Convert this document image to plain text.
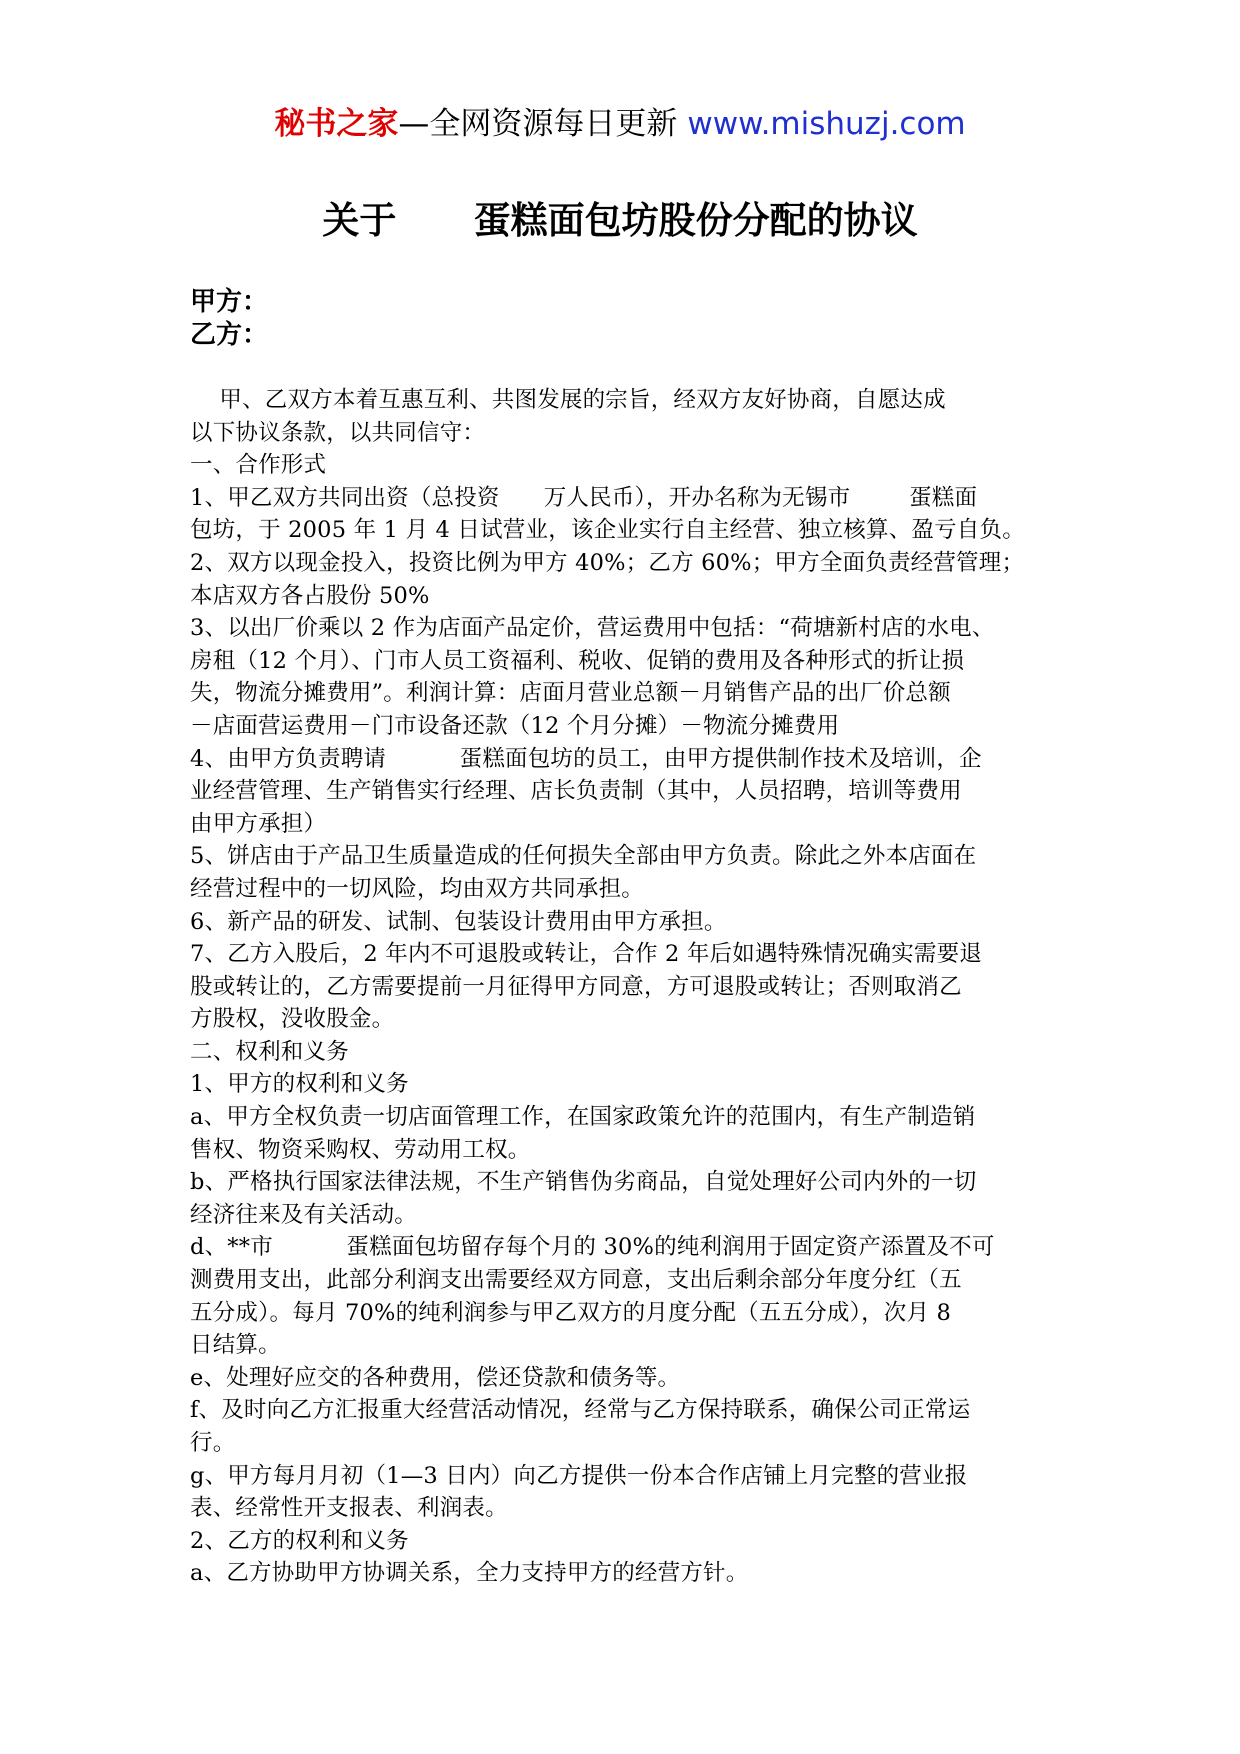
秘书之家—全网资源每日更新 www.mishuzj.com
关于      蛋糕面包坊股份分配的协议
甲方：
乙方：
甲、乙双方本着互惠互利、共图发展的宗旨，经双方友好协商，自愿达成
以下协议条款，以共同信守：
一、合作形式
1、甲乙双方共同出资（总投资      万人民币），开办名称为无锡市        蛋糕面
包坊，于 2005 年 1 月 4 日试营业，该企业实行自主经营、独立核算、盈亏自负。
2、双方以现金投入，投资比例为甲方 40%；乙方 60%；甲方全面负责经营管理；
本店双方各占股份 50%
3、以出厂价乘以 2 作为店面产品定价，营运费用中包括：“荷塘新村店的水电、
房租（12 个月）、门市人员工资福利、税收、促销的费用及各种形式的折让损
失，物流分摊费用”。利润计算：店面月营业总额－月销售产品的出厂价总额
－店面营运费用－门市设备还款（12 个月分摊）－物流分摊费用
4、由甲方负责聘请          蛋糕面包坊的员工，由甲方提供制作技术及培训，企
业经营管理、生产销售实行经理、店长负责制（其中，人员招聘，培训等费用
由甲方承担）
5、饼店由于产品卫生质量造成的任何损失全部由甲方负责。除此之外本店面在
经营过程中的一切风险，均由双方共同承担。
6、新产品的研发、试制、包装设计费用由甲方承担。
7、乙方入股后，2 年内不可退股或转让，合作 2 年后如遇特殊情况确实需要退
股或转让的，乙方需要提前一月征得甲方同意，方可退股或转让；否则取消乙
方股权，没收股金。
二、权利和义务
1、甲方的权利和义务
a、甲方全权负责一切店面管理工作，在国家政策允许的范围内，有生产制造销
售权、物资采购权、劳动用工权。
b、严格执行国家法律法规，不生产销售伪劣商品，自觉处理好公司内外的一切
经济往来及有关活动。
d、**市          蛋糕面包坊留存每个月的 30%的纯利润用于固定资产添置及不可
测费用支出，此部分利润支出需要经双方同意，支出后剩余部分年度分红（五
五分成）。每月 70%的纯利润参与甲乙双方的月度分配（五五分成），次月 8
日结算。
e、处理好应交的各种费用，偿还贷款和债务等。
f、及时向乙方汇报重大经营活动情况，经常与乙方保持联系，确保公司正常运
行。
g、甲方每月月初（1—3 日内）向乙方提供一份本合作店铺上月完整的营业报
表、经常性开支报表、利润表。
2、乙方的权利和义务
a、乙方协助甲方协调关系，全力支持甲方的经营方针。
